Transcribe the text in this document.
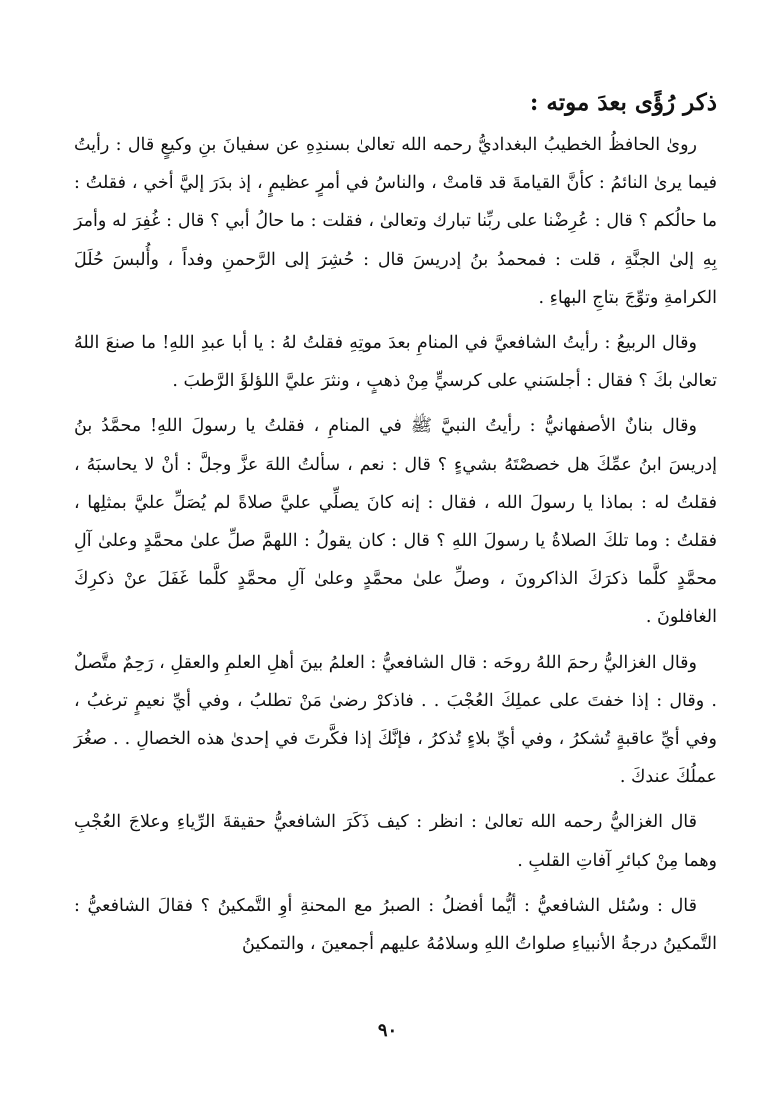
ذكر رُؤًى بعدَ موته :

روىٰ الحافظُ الخطيبُ البغداديُّ رحمه الله تعالىٰ بسندِهِ عن سفيانَ بنِ وكيعٍ قال : رأيتُ فيما يرىٰ النائمُ : كأنَّ القيامةَ قد قامتْ ، والناسُ في أمرٍ عظيمٍ ، إذ بدَرَ إليَّ أخي ، فقلتُ : ما حالُكم ؟ قال : عُرِضْنا على ربِّنا تبارك وتعالىٰ ، فقلت : ما حالُ أبي ؟ قال : غُفِرَ له وأمرَ بِهِ إلىٰ الجنَّةِ ، قلت : فمحمدُ بنُ إدريسَ قال : حُشِرَ إلى الرَّحمنِ وفداً ، وأُلبسَ حُلَلَ الكرامةِ وتوِّجَ بتاجِ البهاءِ .

وقال الربيعُ : رأيتُ الشافعيَّ في المنامِ بعدَ موتِهِ فقلتُ لهُ : يا أبا عبدِ اللهِ! ما صنعَ اللهُ تعالىٰ بكَ ؟ فقال : أجلسَني على كرسيٍّ مِنْ ذهبٍ ، ونثرَ عليَّ اللؤلؤَ الرَّطبَ .

وقال بنانٌ الأصفهانيُّ : رأيتُ النبيَّ ﷺ في المنامِ ، فقلتُ يا رسولَ اللهِ! محمَّدُ بنُ إدريسَ ابنُ عمِّكَ هل خصصْتَهُ بشيءٍ ؟ قال : نعم ، سألتُ اللهَ عزَّ وجلَّ : أنْ لا يحاسبَهُ ، فقلتُ له : بماذا يا رسولَ الله ، فقال : إنه كانَ يصلِّي عليَّ صلاةً لم يُصَلِّ عليَّ بمثلِها ، فقلتُ : وما تلكَ الصلاةُ يا رسولَ اللهِ ؟ قال : كان يقولُ : اللهمَّ صلِّ علىٰ محمَّدٍ وعلىٰ آلِ محمَّدٍ كلَّما ذكرَكَ الذاكرونَ ، وصلِّ علىٰ محمَّدٍ وعلىٰ آلِ محمَّدٍ كلَّما غَفَلَ عنْ ذكرِكَ الغافلونَ .

وقال الغزاليُّ رحمَ اللهُ روحَه : قال الشافعيُّ : العلمُ بينَ أهلِ العلمِ والعقلِ ، رَحِمٌ متَّصلٌ . وقال : إذا خفتَ على عملِكَ العُجْبَ . . فاذكرْ رضىٰ مَنْ تطلبُ ، وفي أيِّ نعيمٍ ترغبُ ، وفي أيِّ عاقبةٍ تُشكرُ ، وفي أيِّ بلاءٍ تُذكرُ ، فإنَّكَ إذا فكَّرتَ في إحدىٰ هذه الخصالِ . . صغُرَ عملُكَ عندكَ .

قال الغزاليُّ رحمه الله تعالىٰ : انظر : كيف ذَكَرَ الشافعيُّ حقيقةَ الرِّياءِ وعلاجَ العُجْبِ وهما مِنْ كبائرِ آفاتِ القلبِ .

قال : وسُئل الشافعيُّ : أيُّما أفضلُ : الصبرُ مع المحنةِ أوِ التَّمكينُ ؟ فقالَ الشافعيُّ : التَّمكينُ درجةُ الأنبياءِ صلواتُ اللهِ وسلامُهُ عليهم أجمعينَ ، والتمكينُ

٩٠
